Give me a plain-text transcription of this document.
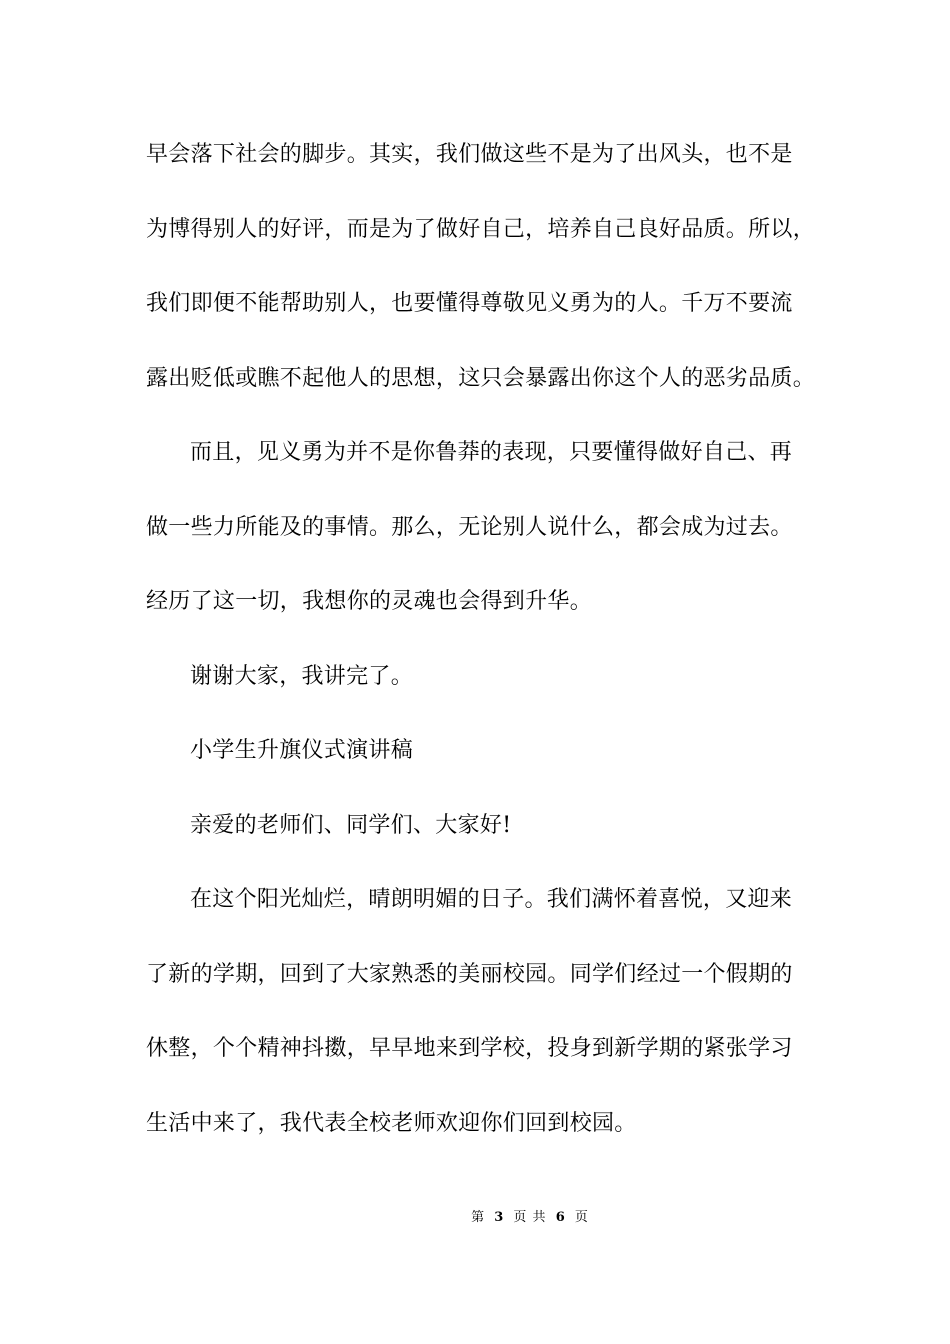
早会落下社会的脚步。其实，我们做这些不是为了出风头，也不是
为博得别人的好评，而是为了做好自己，培养自己良好品质。所以，
我们即便不能帮助别人，也要懂得尊敬见义勇为的人。千万不要流
露出贬低或瞧不起他人的思想，这只会暴露出你这个人的恶劣品质。
而且，见义勇为并不是你鲁莽的表现，只要懂得做好自己、再
做一些力所能及的事情。那么，无论别人说什么，都会成为过去。
经历了这一切，我想你的灵魂也会得到升华。
谢谢大家，我讲完了。
小学生升旗仪式演讲稿
亲爱的老师们、同学们、大家好!
在这个阳光灿烂，晴朗明媚的日子。我们满怀着喜悦，又迎来
了新的学期，回到了大家熟悉的美丽校园。同学们经过一个假期的
休整，个个精神抖擞，早早地来到学校，投身到新学期的紧张学习
生活中来了，我代表全校老师欢迎你们回到校园。
第 3 页 共 6 页
